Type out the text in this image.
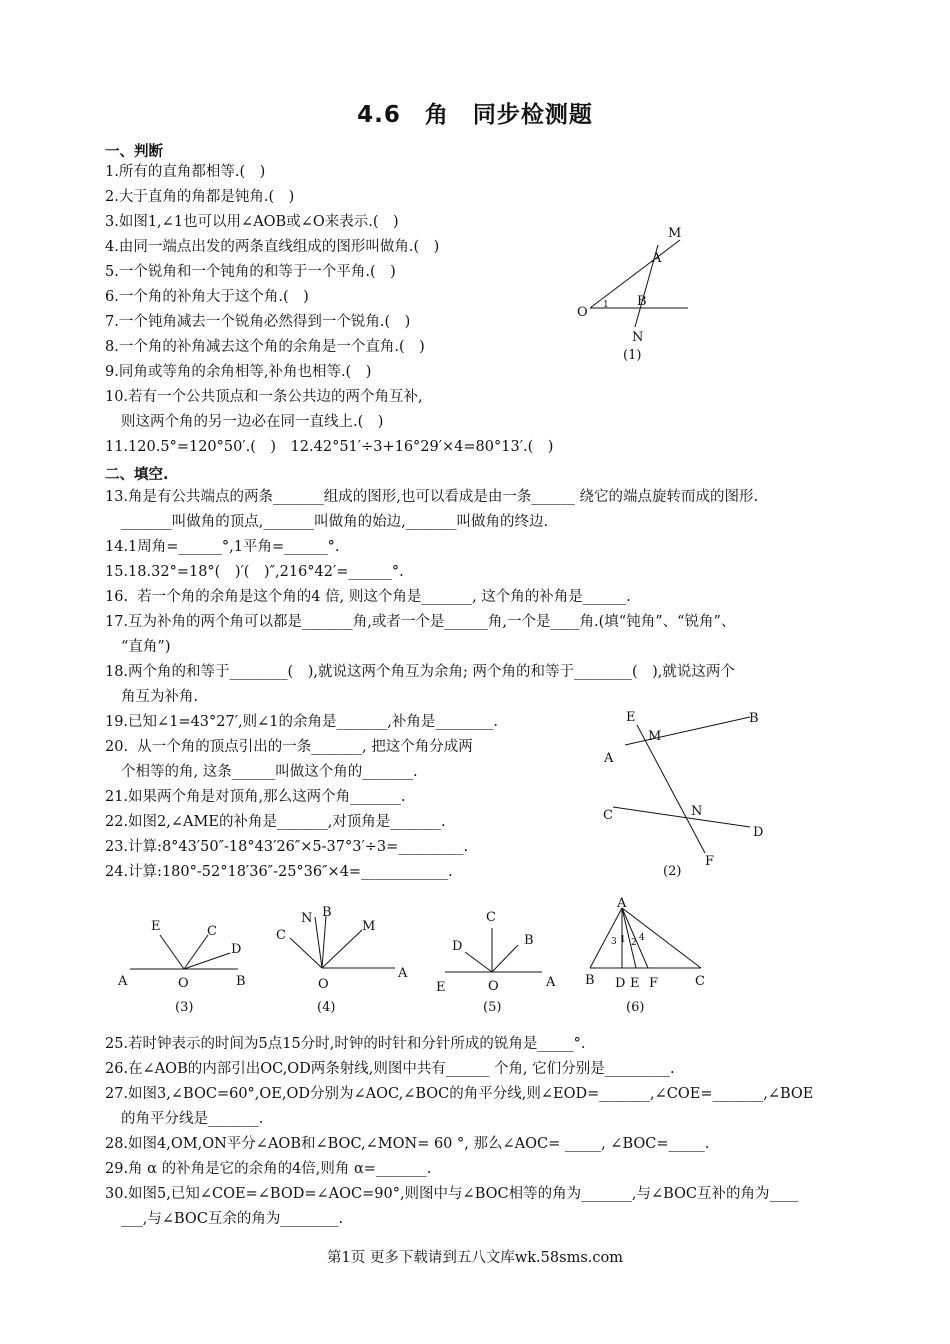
4.6　角　同步检测题
一、判断
1.所有的直角都相等.(　)
2.大于直角的角都是钝角.(　)
3.如图1,∠1也可以用∠AOB或∠O来表示.(　)
4.由同一端点出发的两条直线组成的图形叫做角.(　)
5.一个锐角和一个钝角的和等于一个平角.(　)
6.一个角的补角大于这个角.(　)
7.一个钝角减去一个锐角必然得到一个锐角.(　)
8.一个角的补角减去这个角的余角是一个直角.(　)
9.同角或等角的余角相等,补角也相等.(　)
10.若有一个公共顶点和一条公共边的两个角互补,
则这两个角的另一边必在同一直线上.(　)
11.120.5°=120°50′.(　)　12.42°51′÷3+16°29′×4=80°13′.(　)
二、填空.
13.角是有公共端点的两条_______组成的图形,也可以看成是由一条______ 绕它的端点旋转而成的图形.
_______叫做角的顶点,_______叫做角的始边,_______叫做角的终边.
14.1周角=______°,1平角=______°.
15.18.32°=18°(　)′(　)″,216°42′=______°.
16.  若一个角的余角是这个角的4 倍, 则这个角是_______, 这个角的补角是______.
17.互为补角的两个角可以都是_______角,或者一个是______角,一个是____角.(填“钝角”、“锐角”、
“直角”)
18.两个角的和等于________(　),就说这两个角互为余角; 两个角的和等于________(　),就说这两个
角互为补角.
19.已知∠1=43°27′,则∠1的余角是_______,补角是________.
20.  从一个角的顶点引出的一条_______, 把这个角分成两
个相等的角, 这条______叫做这个角的_______.
21.如果两个角是对顶角,那么这两个角_______.
22.如图2,∠AME的补角是_______,对顶角是_______.
23.计算:8°43′50″-18°43′26″×5-37°3′÷3=_________.
24.计算:180°-52°18′36″-25°36″×4=____________.
25.若时钟表示的时间为5点15分时,时钟的时针和分针所成的锐角是_____°.
26.在∠AOB的内部引出OC,OD两条射线,则图中共有______ 个角, 它们分别是_________.
27.如图3,∠BOC=60°,OE,OD分别为∠AOC,∠BOC的角平分线,则∠EOD=_______,∠COE=_______,∠BOE
的角平分线是_______.
28.如图4,OM,ON平分∠AOB和∠BOC,∠MON= 60 °, 那么∠AOC= _____, ∠BOC=_____.
29.角 α 的补角是它的余角的4倍,则角 α=_______.
30.如图5,已知∠COE=∠BOD=∠AOC=90°,则图中与∠BOC相等的角为_______,与∠BOC互补的角为____
___,与∠BOC互余的角为________.
M
A
O 1 B
N
(1)
E	B
M
A
C	N
D
F
(2)
E	C
D
A	O	B
(3)
N B
M
C
O
A
(4)
C
D	B
E	O	A
(5)
A
3 1 2 4
B D E F	C
(6)
第1页 更多下载请到五八文库wk.58sms.com
